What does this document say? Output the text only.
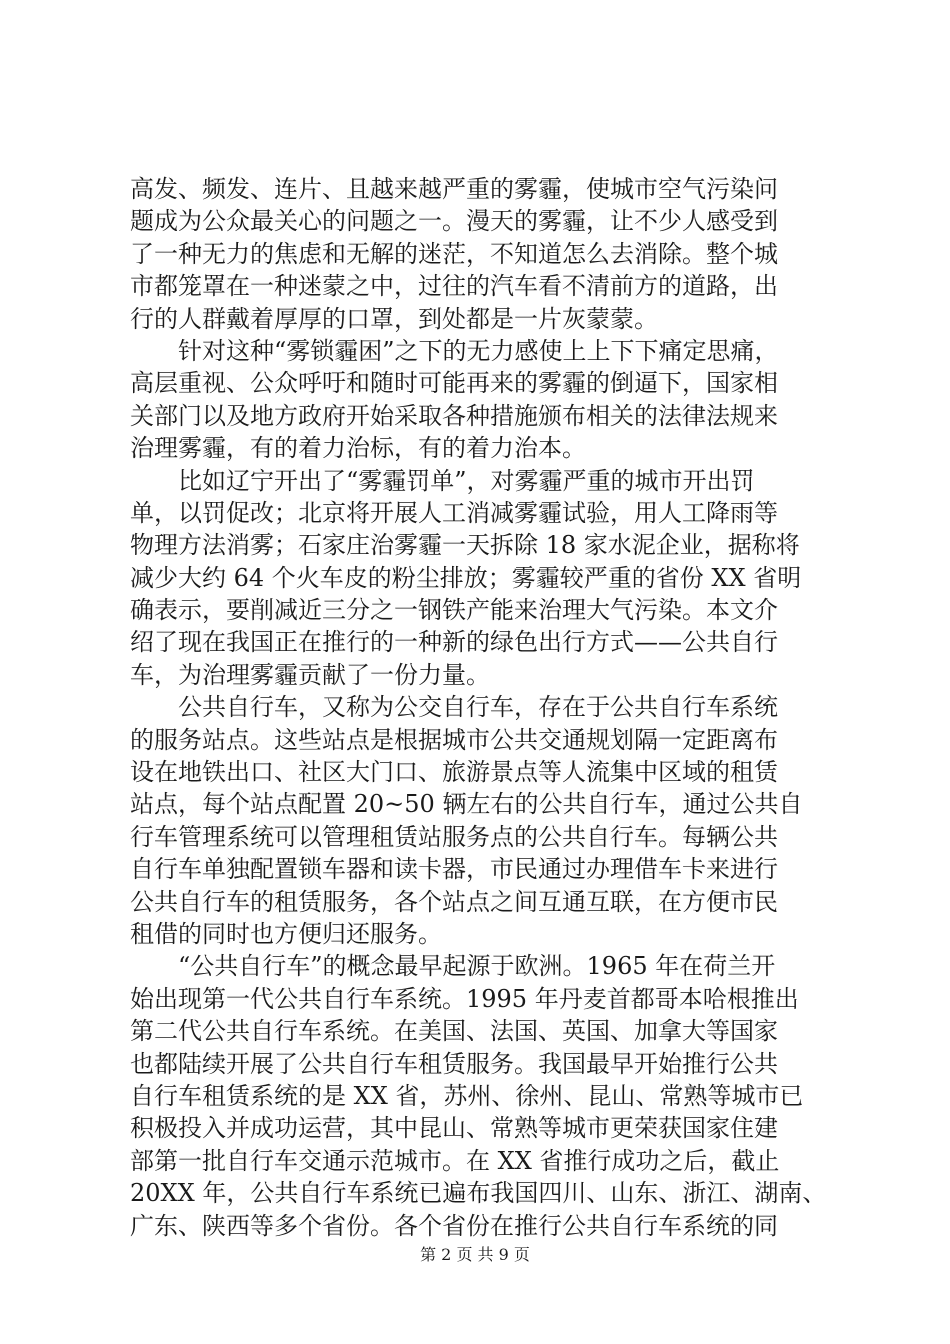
高发、频发、连片、且越来越严重的雾霾，使城市空气污染问
题成为公众最关心的问题之一。漫天的雾霾，让不少人感受到
了一种无力的焦虑和无解的迷茫，不知道怎么去消除。整个城
市都笼罩在一种迷蒙之中，过往的汽车看不清前方的道路，出
行的人群戴着厚厚的口罩，到处都是一片灰蒙蒙。
针对这种“雾锁霾困”之下的无力感使上上下下痛定思痛，
高层重视、公众呼吁和随时可能再来的雾霾的倒逼下，国家相
关部门以及地方政府开始采取各种措施颁布相关的法律法规来
治理雾霾，有的着力治标，有的着力治本。
比如辽宁开出了“雾霾罚单”，对雾霾严重的城市开出罚
单，以罚促改；北京将开展人工消减雾霾试验，用人工降雨等
物理方法消雾；石家庄治雾霾一天拆除 18 家水泥企业，据称将
减少大约 64 个火车皮的粉尘排放；雾霾较严重的省份 XX 省明
确表示，要削减近三分之一钢铁产能来治理大气污染。本文介
绍了现在我国正在推行的一种新的绿色出行方式——公共自行
车，为治理雾霾贡献了一份力量。
公共自行车，又称为公交自行车，存在于公共自行车系统
的服务站点。这些站点是根据城市公共交通规划隔一定距离布
设在地铁出口、社区大门口、旅游景点等人流集中区域的租赁
站点，每个站点配置 20~50 辆左右的公共自行车，通过公共自
行车管理系统可以管理租赁站服务点的公共自行车。每辆公共
自行车单独配置锁车器和读卡器，市民通过办理借车卡来进行
公共自行车的租赁服务，各个站点之间互通互联，在方便市民
租借的同时也方便归还服务。
“公共自行车”的概念最早起源于欧洲。1965 年在荷兰开
始出现第一代公共自行车系统。1995 年丹麦首都哥本哈根推出
第二代公共自行车系统。在美国、法国、英国、加拿大等国家
也都陆续开展了公共自行车租赁服务。我国最早开始推行公共
自行车租赁系统的是 XX 省，苏州、徐州、昆山、常熟等城市已
积极投入并成功运营，其中昆山、常熟等城市更荣获国家住建
部第一批自行车交通示范城市。在 XX 省推行成功之后，截止
20XX 年，公共自行车系统已遍布我国四川、山东、浙江、湖南、
广东、陕西等多个省份。各个省份在推行公共自行车系统的同
第 2 页 共 9 页
